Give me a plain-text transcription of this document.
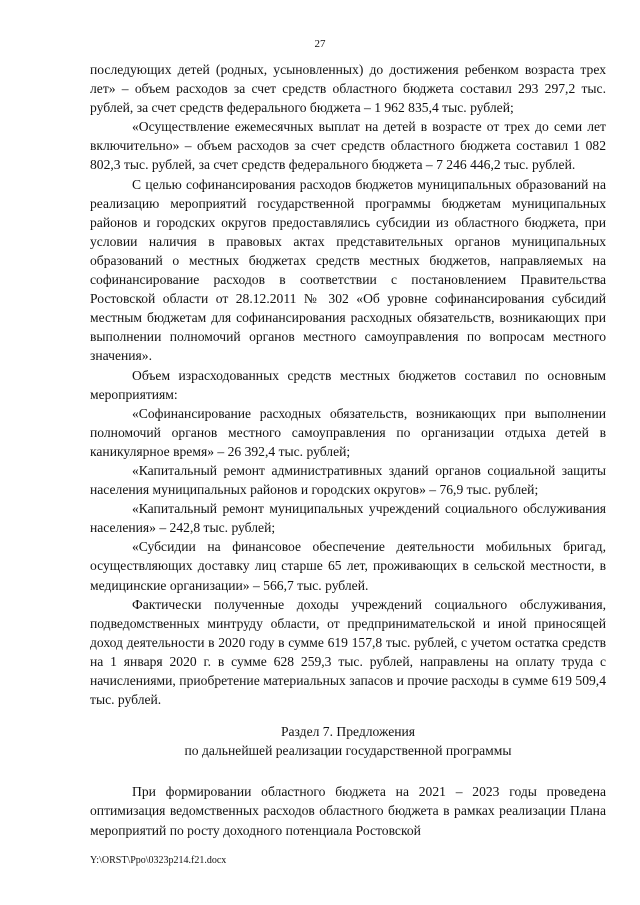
27

последующих детей (родных, усыновленных) до достижения ребенком возраста трех лет» – объем расходов за счет средств областного бюджета составил 293 297,2 тыс. рублей, за счет средств федерального бюджета – 1 962 835,4 тыс. рублей;

«Осуществление ежемесячных выплат на детей в возрасте от трех до семи лет включительно» – объем расходов за счет средств областного бюджета составил 1 082 802,3 тыс. рублей, за счет средств федерального бюджета – 7 246 446,2 тыс. рублей.

С целью софинансирования расходов бюджетов муниципальных образований на реализацию мероприятий государственной программы бюджетам муниципальных районов и городских округов предоставлялись субсидии из областного бюджета, при условии наличия в правовых актах представительных органов муниципальных образований о местных бюджетах средств местных бюджетов, направляемых на софинансирование расходов в соответствии с постановлением Правительства Ростовской области от 28.12.2011 № 302 «Об уровне софинансирования субсидий местным бюджетам для софинансирования расходных обязательств, возникающих при выполнении полномочий органов местного самоуправления по вопросам местного значения».

Объем израсходованных средств местных бюджетов составил по основным мероприятиям:

«Софинансирование расходных обязательств, возникающих при выполнении полномочий органов местного самоуправления по организации отдыха детей в каникулярное время» – 26 392,4 тыс. рублей;

«Капитальный ремонт административных зданий органов социальной защиты населения муниципальных районов и городских округов» – 76,9 тыс. рублей;

«Капитальный ремонт муниципальных учреждений социального обслуживания населения» – 242,8 тыс. рублей;

«Субсидии на финансовое обеспечение деятельности мобильных бригад, осуществляющих доставку лиц старше 65 лет, проживающих в сельской местности, в медицинские организации» – 566,7 тыс. рублей.

Фактически полученные доходы учреждений социального обслуживания, подведомственных минтруду области, от предпринимательской и иной приносящей доход деятельности в 2020 году в сумме 619 157,8 тыс. рублей, с учетом остатка средств на 1 января 2020 г. в сумме 628 259,3 тыс. рублей, направлены на оплату труда с начислениями, приобретение материальных запасов и прочие расходы в сумме 619 509,4 тыс. рублей.

Раздел 7. Предложения

по дальнейшей реализации государственной программы

При формировании областного бюджета на 2021 – 2023 годы проведена оптимизация ведомственных расходов областного бюджета в рамках реализации Плана мероприятий по росту доходного потенциала Ростовской

Y:\ORST\Ppo\0323p214.f21.docx
